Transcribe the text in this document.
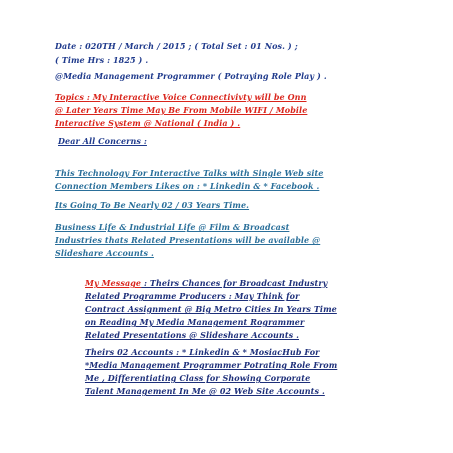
Date : 020TH / March / 2015 ; ( Total Set : 01 Nos. ) ;
( Time Hrs : 1825 ) .
@Media Management Programmer ( Potraying Role Play ) .
Topics : My Interactive Voice Connectivivty will be Onn
@ Later Years Time May Be From Mobile WIFI / Mobile
Interactive System @ National ( India ) .
Dear All Concerns :
This Technology For Interactive Talks with Single Web site
Connection Members Likes on : * Linkedin & * Facebook .
Its Going To Be Nearly 02 / 03 Years Time.
Business Life & Industrial Life @ Film & Broadcast
Industries thats Related Presentations will be available @
Slideshare Accounts .
My Message : Theirs Chances for Broadcast Industry
Related Programme Producers : May Think for
Contract Assignment @ Big Metro Cities In Years Time
on Reading My Media Management Rogrammer
Related Presentations @ Slideshare Accounts .
Theirs 02 Accounts : * Linkedin & * MosiacHub For
*Media Management Programmer Potrating Role From
Me , Differentiating Class for Showing Corporate
Talent Management In Me @ 02 Web Site Accounts .
